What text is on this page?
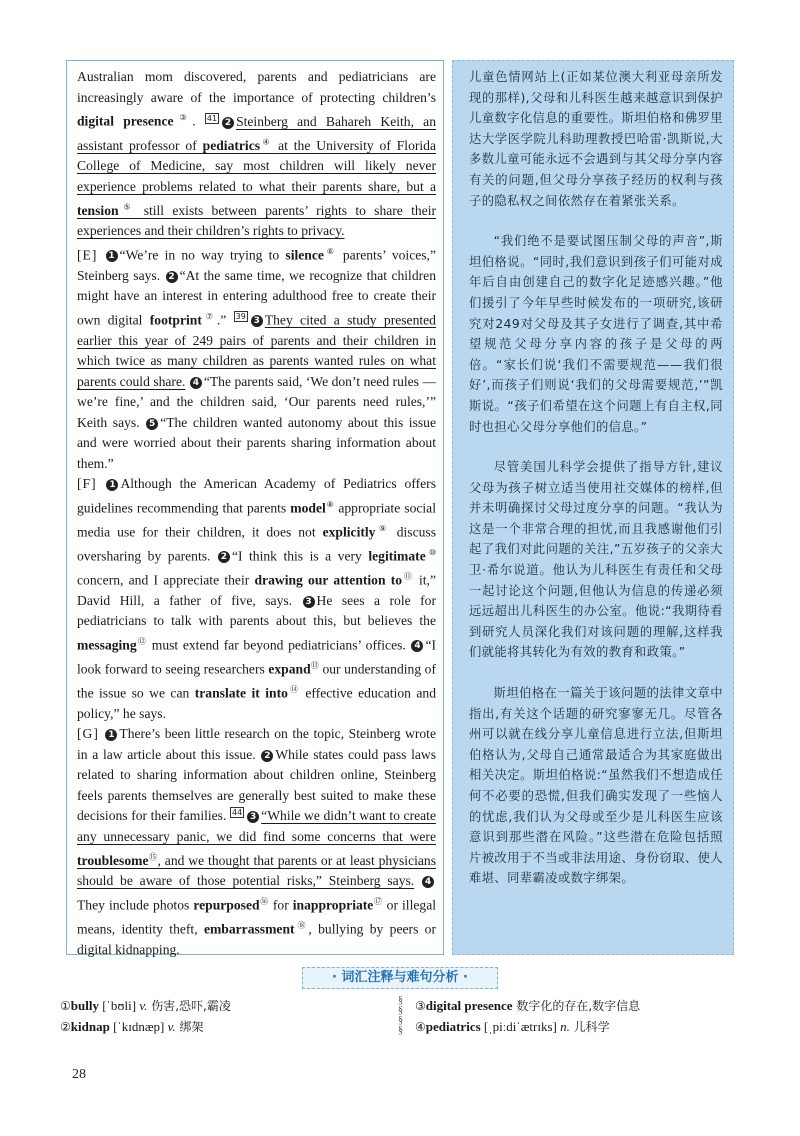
Australian mom discovered, parents and pediatricians are increasingly aware of the importance of protecting children’s digital presence③. 41 2 Steinberg and Bahareh Keith, an assistant professor of pediatrics④ at the University of Florida College of Medicine, say most children will likely never experience problems related to what their parents share, but a tension⑤ still exists between parents’ rights to share their experiences and their children’s rights to privacy.

[E] 1 “We’re in no way trying to silence⑥ parents’ voices,” Steinberg says. 2 “At the same time, we recognize that children might have an interest in entering adulthood free to create their own digital footprint⑦.” 39 3 They cited a study presented earlier this year of 249 pairs of parents and their children in which twice as many children as parents wanted rules on what parents could share. 4 “The parents said, ‘We don’t need rules — we’re fine,’ and the children said, ‘Our parents need rules,’” Keith says. 5 “The children wanted autonomy about this issue and were worried about their parents sharing information about them.”

[F] 1 Although the American Academy of Pediatrics offers guidelines recommending that parents model⑧ appropriate social media use for their children, it does not explicitly⑨ discuss oversharing by parents. 2 “I think this is a very legitimate⑩ concern, and I appreciate their drawing our attention to⑪ it,” David Hill, a father of five, says. 3 He sees a role for pediatricians to talk with parents about this, but believes the messaging⑫ must extend far beyond pediatricians’ offices. 4 “I look forward to seeing researchers expand⑬ our understanding of the issue so we can translate it into⑭ effective education and policy,” he says.

[G] 1 There’s been little research on the topic, Steinberg wrote in a law article about this issue. 2 While states could pass laws related to sharing information about children online, Steinberg feels parents themselves are generally best suited to make these decisions for their families. 44 3 “While we didn’t want to create any unnecessary panic, we did find some concerns that were troublesome⑮, and we thought that parents or at least physicians should be aware of those potential risks,” Steinberg says. 4 They include photos repurposed⑯ for inappropriate⑰ or illegal means, identity theft, embarrassment⑱, bullying by peers or digital kidnapping.

儿童色情网站上(正如某位澳大利亚母亲所发现的那样),父母和儿科医生越来越意识到保护儿童数字化信息的重要性。斯坦伯格和佛罗里达大学医学院儿科助理教授巴哈雷·凯斯说,大多数儿童可能永远不会遇到与其父母分享内容有关的问题,但父母分享孩子经历的权利与孩子的隐私权之间依然存在着紧张关系。

“我们绝不是要试图压制父母的声音”,斯坦伯格说。“同时,我们意识到孩子们可能对成年后自由创建自己的数字化足迹感兴趣。”他们援引了今年早些时候发布的一项研究,该研究对249对父母及其子女进行了调查,其中希望规范父母分享内容的孩子是父母的两倍。“家长们说‘我们不需要规范——我们很好’,而孩子们则说‘我们的父母需要规范,’”凯斯说。“孩子们希望在这个问题上有自主权,同时也担心父母分享他们的信息。”

尽管美国儿科学会提供了指导方针,建议父母为孩子树立适当使用社交媒体的榜样,但并未明确探讨父母过度分享的问题。“我认为这是一个非常合理的担忧,而且我感谢他们引起了我们对此问题的关注,”五岁孩子的父亲大卫·希尔说道。他认为儿科医生有责任和父母一起讨论这个问题,但他认为信息的传递必须远远超出儿科医生的办公室。他说:“我期待看到研究人员深化我们对该问题的理解,这样我们就能将其转化为有效的教育和政策。”

斯坦伯格在一篇关于该问题的法律文章中指出,有关这个话题的研究寥寥无几。尽管各州可以就在线分享儿童信息进行立法,但斯坦伯格认为,父母自己通常最适合为其家庭做出相关决定。斯坦伯格说:“虽然我们不想造成任何不必要的恐慌,但我们确实发现了一些恼人的忧虑,我们认为父母或至少是儿科医生应该意识到那些潜在风险。”这些潜在危险包括照片被改用于不当或非法用途、身份窃取、使人难堪、同辈霸凌或数字绑架。

· 词汇注释与难句分析 ·
①bully [ˈbʊli] v. 伤害,恐吓,霸凌
②kidnap [ˈkɪdnæp] v. 绑架
§
§
§
§
③digital presence 数字化的存在,数字信息
④pediatrics [ˌpiːdiˈætrɪks] n. 儿科学
28
